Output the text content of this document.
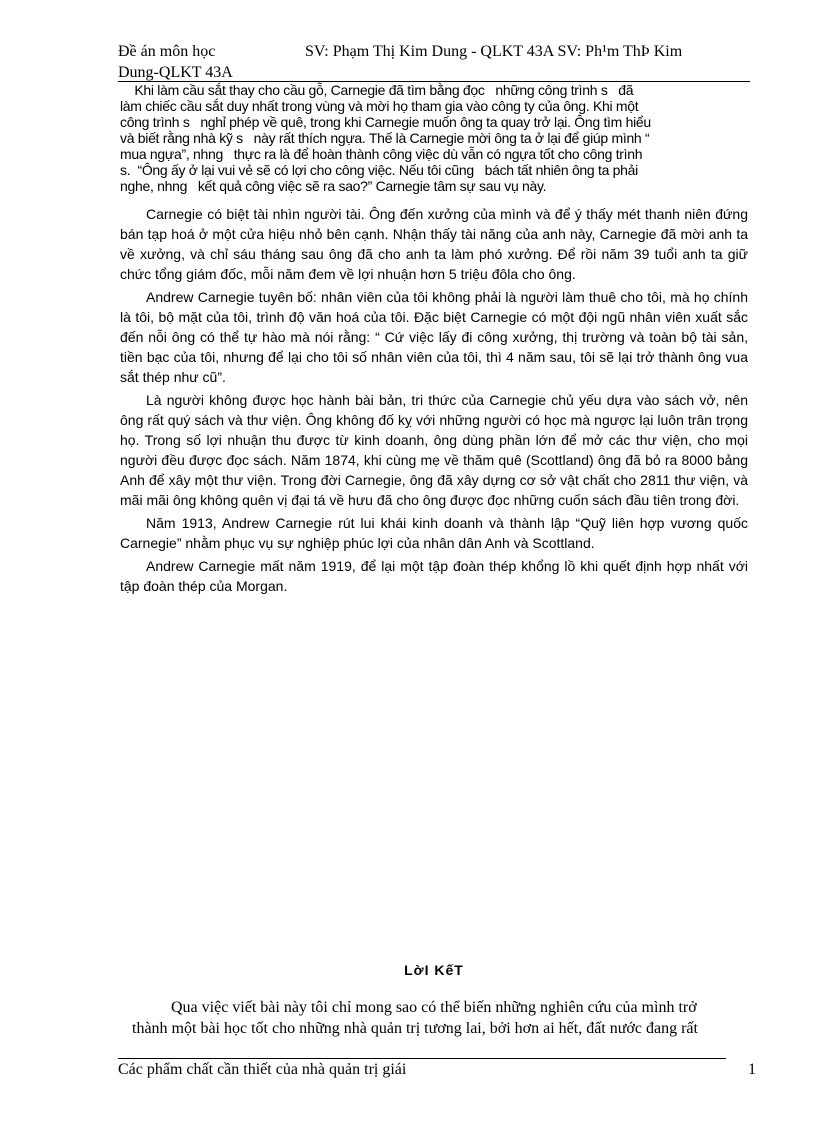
Đề án môn học
Dung-QLKT 43A
SV: Phạm Thị Kim Dung - QLKT 43A SV: Ph¹m ThÞ Kim
Khi làm cầu sắt thay cho cầu gỗ, Carnegie đã tìm bằng đọc   những công trình s   đã
làm chiếc cầu sắt duy nhất trong vùng và mời họ tham gia vào công ty của ông. Khi một
công trình s   nghỉ phép về quê, trong khi Carnegie muốn ông ta quay trở lại. Ông tìm hiểu
và biết rằng nhà kỹ s   này rất thích ngựa. Thế là Carnegie mời ông ta ở lại để giúp mình “
mua ngựa”, nhng   thực ra là để hoàn thành công việc dù vẫn có ngựa tốt cho công trình
s.  “Ông ấy ở lại vui vẻ sẽ có lợi cho công việc. Nếu tôi cũng   bách tất nhiên ông ta phải
nghe, nhng   kết quả công việc sẽ ra sao?” Carnegie tâm sự sau vụ này.

Carnegie có biệt tài nhìn người tài. Ông đến xưởng của mình và để ý thấy mét thanh niên đứng bán tạp hoá ở một cửa hiệu nhỏ bên cạnh. Nhận thấy tài năng của anh này, Carnegie đã mời anh ta về xưởng, và chỉ sáu tháng sau ông đã cho anh ta làm phó xưởng. Để rồi năm 39 tuổi anh ta giữ chức tổng giám đốc, mỗi năm đem về lợi nhuận hơn 5 triệu đôla cho ông.

Andrew Carnegie tuyên bố: nhân viên của tôi không phải là người làm thuê cho tôi, mà họ chính là tôi, bộ mặt của tôi, trình độ văn hoá của tôi. Đặc biệt Carnegie có một đội ngũ nhân viên xuất sắc đến nỗi ông có thể tự hào mà nói rằng: “ Cứ việc lấy đi công xưởng, thị trường và toàn bộ tài sản, tiền bạc của tôi, nhưng để lại cho tôi số nhân viên của tôi, thì 4 năm sau, tôi sẽ lại trở thành ông vua sắt thép như cũ”.

Là người không được học hành bài bản, tri thức của Carnegie chủ yếu dựa vào sách vở, nên ông rất quý sách và thư viện. Ông không đố kỵ với những người có học mà ngược lại luôn trân trọng họ. Trong số lợi nhuận thu được từ kinh doanh, ông dùng phần lớn để mở các thư viện, cho mọi người đều được đọc sách. Năm 1874, khi cùng mẹ về thăm quê (Scottland) ông đã bỏ ra 8000 bảng Anh để xây một thư viện. Trong đời Carnegie, ông đã xây dựng cơ sở vật chất cho 2811 thư viện, và mãi mãi ông không quên vị đại tá về hưu đã cho ông được đọc những cuốn sách đầu tiên trong đời.

Năm 1913, Andrew Carnegie rút lui khái kinh doanh và thành lập “Quỹ liên hợp vương quốc Carnegie” nhằm phục vụ sự nghiệp phúc lợi của nhân dân Anh và Scottland.

Andrew Carnegie mất năm 1919, để lại một tập đoàn thép khổng lồ khi quết định hợp nhất với tập đoàn thép của Morgan.

LờI KếT
Qua việc viết bài này tôi chỉ mong sao có thể biến những nghiên cứu của mình trở
thành một bài học tốt cho những nhà quản trị tương lai, bởi hơn ai hết, đất nước đang rất
Các phẩm chất cần thiết của nhà quản trị giái	1
